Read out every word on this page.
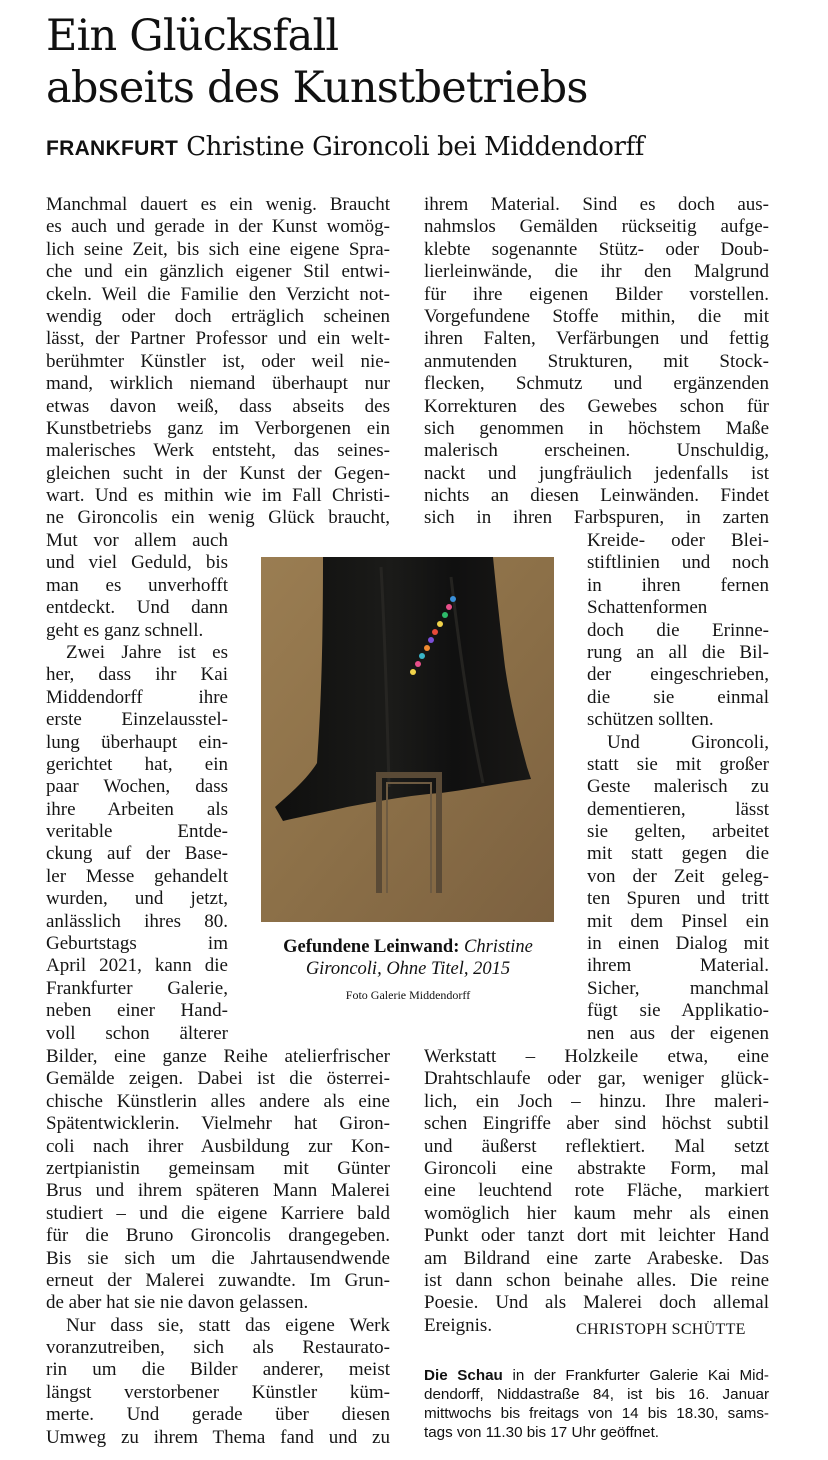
Ein Glücksfall
abseits des Kunstbetriebs
FRANKFURT Christine Gironcoli bei Middendorff
Manchmal dauert es ein wenig. Braucht
es auch und gerade in der Kunst womög-
lich seine Zeit, bis sich eine eigene Spra-
che und ein gänzlich eigener Stil entwi-
ckeln. Weil die Familie den Verzicht not-
wendig oder doch erträglich scheinen
lässt, der Partner Professor und ein welt-
berühmter Künstler ist, oder weil nie-
mand, wirklich niemand überhaupt nur
etwas davon weiß, dass abseits des
Kunstbetriebs ganz im Verborgenen ein
malerisches Werk entsteht, das seines-
gleichen sucht in der Kunst der Gegen-
wart. Und es mithin wie im Fall Christi-
ne Gironcolis ein wenig Glück braucht,
Mut vor allem auch
und viel Geduld, bis
man es unverhofft
entdeckt. Und dann
geht es ganz schnell.
Zwei Jahre ist es
her, dass ihr Kai
Middendorff ihre
erste Einzelausstel-
lung überhaupt ein-
gerichtet hat, ein
paar Wochen, dass
ihre Arbeiten als
veritable Entde-
ckung auf der Base-
ler Messe gehandelt
wurden, und jetzt,
anlässlich ihres 80.
Geburtstags im
April 2021, kann die
Frankfurter Galerie,
neben einer Hand-
voll schon älterer
Bilder, eine ganze Reihe atelierfrischer
Gemälde zeigen. Dabei ist die österrei-
chische Künstlerin alles andere als eine
Spätentwicklerin. Vielmehr hat Giron-
coli nach ihrer Ausbildung zur Kon-
zertpianistin gemeinsam mit Günter
Brus und ihrem späteren Mann Malerei
studiert – und die eigene Karriere bald
für die Bruno Gironcolis drangegeben.
Bis sie sich um die Jahrtausendwende
erneut der Malerei zuwandte. Im Grun-
de aber hat sie nie davon gelassen.
Nur dass sie, statt das eigene Werk
voranzutreiben, sich als Restaurato-
rin um die Bilder anderer, meist
längst verstorbener Künstler küm-
merte. Und gerade über diesen
Umweg zu ihrem Thema fand und zu
ihrem Material. Sind es doch aus-
nahmslos Gemälden rückseitig aufge-
klebte sogenannte Stütz- oder Doub-
lierleinwände, die ihr den Malgrund
für ihre eigenen Bilder vorstellen.
Vorgefundene Stoffe mithin, die mit
ihren Falten, Verfärbungen und fettig
anmutenden Strukturen, mit Stock-
flecken, Schmutz und ergänzenden
Korrekturen des Gewebes schon für
sich genommen in höchstem Maße
malerisch erscheinen. Unschuldig,
nackt und jungfräulich jedenfalls ist
nichts an diesen Leinwänden. Findet
sich in ihren Farbspuren, in zarten
Kreide- oder Blei-
stiftlinien und noch
in ihren fernen
Schattenformen
doch die Erinne-
rung an all die Bil-
der eingeschrieben,
die sie einmal
schützen sollten.
Und Gironcoli,
statt sie mit großer
Geste malerisch zu
dementieren, lässt
sie gelten, arbeitet
mit statt gegen die
von der Zeit geleg-
ten Spuren und tritt
mit dem Pinsel ein
in einen Dialog mit
ihrem Material.
Sicher, manchmal
fügt sie Applikatio-
nen aus der eigenen
Werkstatt – Holzkeile etwa, eine
Drahtschlaufe oder gar, weniger glück-
lich, ein Joch – hinzu. Ihre maleri-
schen Eingriffe aber sind höchst subtil
und äußerst reflektiert. Mal setzt
Gironcoli eine abstrakte Form, mal
eine leuchtend rote Fläche, markiert
womöglich hier kaum mehr als einen
Punkt oder tanzt dort mit leichter Hand
am Bildrand eine zarte Arabeske. Das
ist dann schon beinahe alles. Die reine
Poesie. Und als Malerei doch allemal
Ereignis.	CHRISTOPH SCHÜTTE
Gefundene Leinwand: Christine
Gironcoli, Ohne Titel, 2015
Foto Galerie Middendorff
Die Schau in der Frankfurter Galerie Kai Mid-
dendorff, Niddastraße 84, ist bis 16. Januar
mittwochs bis freitags von 14 bis 18.30, sams-
tags von 11.30 bis 17 Uhr geöffnet.
